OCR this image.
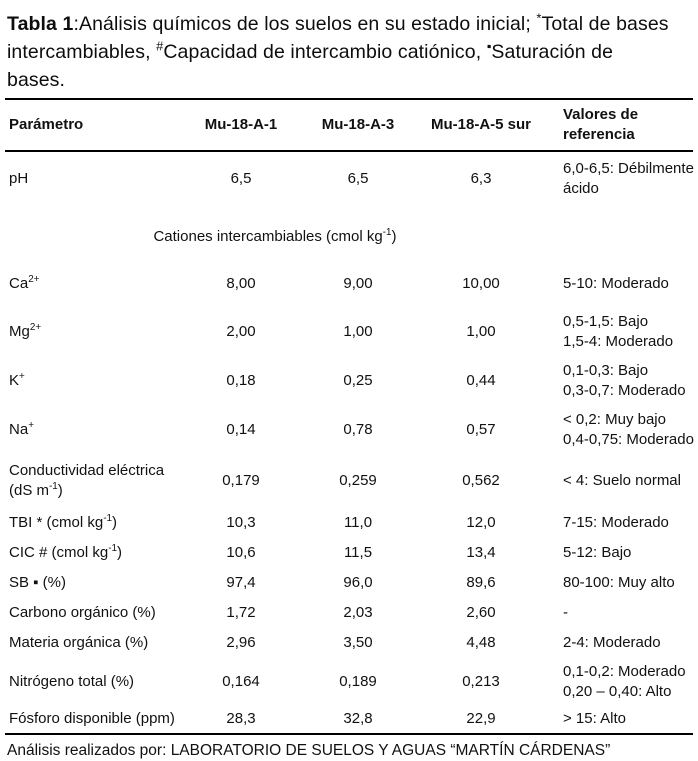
Tabla 1:Análisis químicos de los suelos en su estado inicial; *Total de bases intercambiables, #Capacidad de intercambio catiónico, ▪Saturación de bases.

Parámetro	Mu-18-A-1	Mu-18-A-3	Mu-18-A-5 sur	Valores de referencia

pH	6,5	6,5	6,3	6,0-6,5: Débilmente
ácido

Cationes intercambiables (cmol $kg^{-1}$)				

$Ca^{2+}$	8,00	9,00	10,00	5-10: Moderado

$Mg^{2+}$	2,00	1,00	1,00	0,5-1,5: Bajo
1,5-4: Moderado

K+	0,18	0,25	0,44	0,1-0,3: Bajo
0,3-0,7: Moderado

Na+	0,14	0,78	0,57	< 0,2: Muy bajo
0,4-0,75: Moderado

Conductividad eléctrica
(dS $m^{-1}$)	0,179	0,259	0,562	< 4: Suelo normal

TBI * (cmol $kg^{-1}$)	10,3	11,0	12,0	7-15: Moderado

CIC # (cmol $kg^{-1}$)	10,6	11,5	13,4	5-12: Bajo

SB ▪ (%)	97,4	96,0	89,6	80-100: Muy alto

Carbono orgánico (%)	1,72	2,03	2,60	-

Materia orgánica (%)	2,96	3,50	4,48	2-4: Moderado

Nitrógeno total (%)	0,164	0,189	0,213	0,1-0,2: Moderado
0,20 – 0,40: Alto

Fósforo disponible (ppm)	28,3	32,8	22,9	> 15: Alto
Análisis realizados por: LABORATORIO DE SUELOS Y AGUAS “MARTÍN CÁRDENAS”
